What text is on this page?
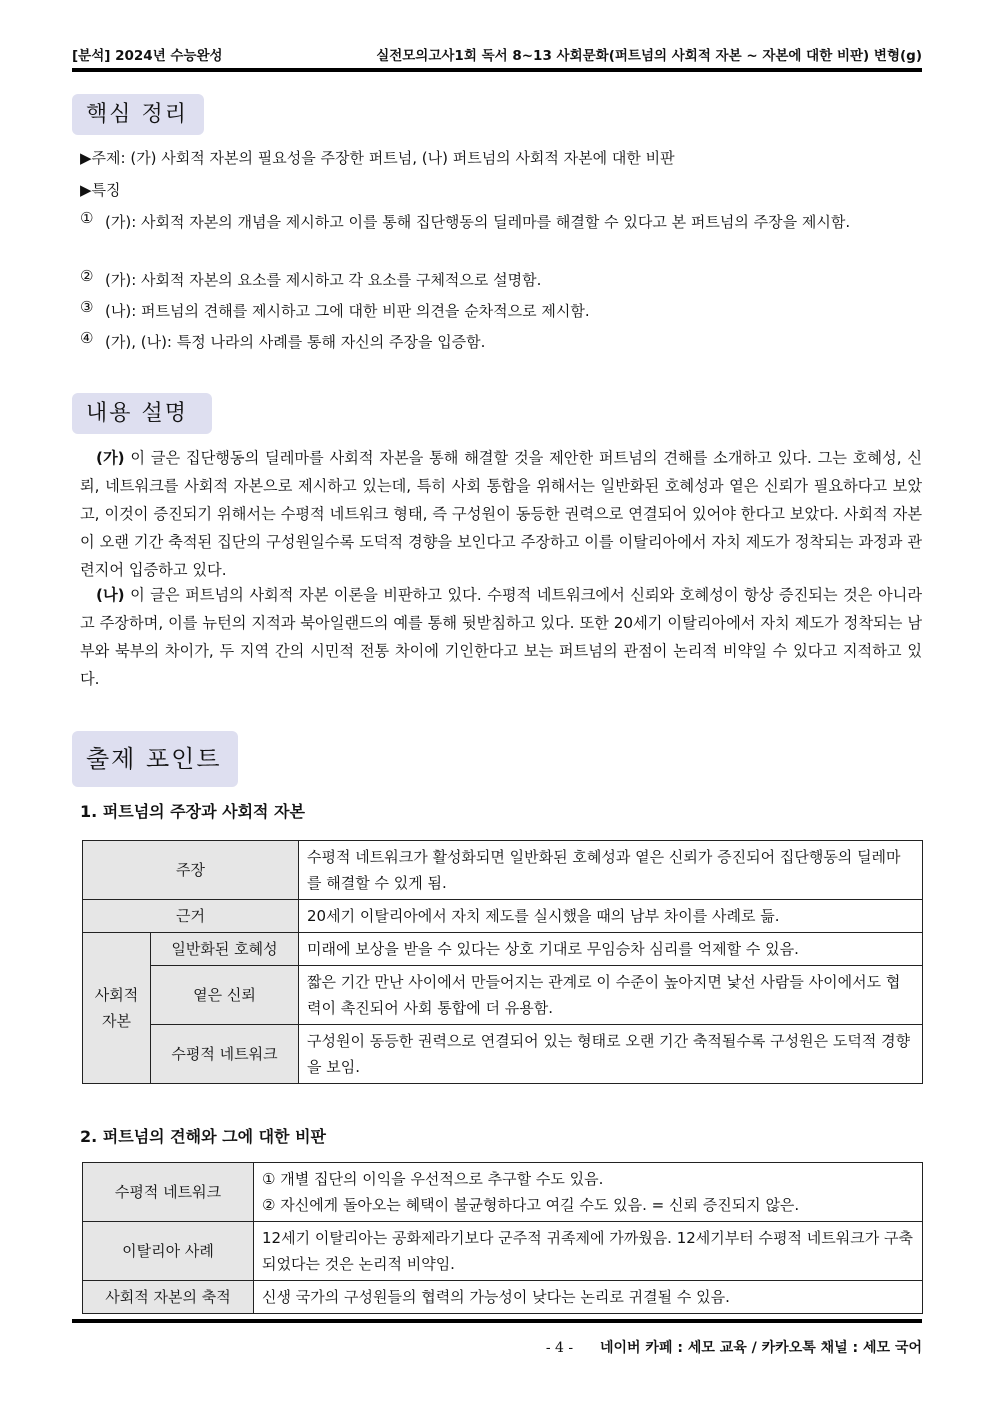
[분석] 2024년 수능완성	실전모의고사1회 독서 8~13 사회문화(퍼트넘의 사회적 자본 ~ 자본에 대한 비판) 변형(g)
핵심 정리
▶주제: (가) 사회적 자본의 필요성을 주장한 퍼트넘, (나) 퍼트넘의 사회적 자본에 대한 비판
▶특징
① (가): 사회적 자본의 개념을 제시하고 이를 통해 집단행동의 딜레마를 해결할 수 있다고 본 퍼트넘의 주장을 제시함.
② (가): 사회적 자본의 요소를 제시하고 각 요소를 구체적으로 설명함.
③ (나): 퍼트넘의 견해를 제시하고 그에 대한 비판 의견을 순차적으로 제시함.
④ (가), (나): 특정 나라의 사례를 통해 자신의 주장을 입증함.
내용 설명
(가) 이 글은 집단행동의 딜레마를 사회적 자본을 통해 해결할 것을 제안한 퍼트넘의 견해를 소개하고 있다. 그는 호혜성, 신뢰, 네트워크를 사회적 자본으로 제시하고 있는데, 특히 사회 통합을 위해서는 일반화된 호혜성과 옅은 신뢰가 필요하다고 보았고, 이것이 증진되기 위해서는 수평적 네트워크 형태, 즉 구성원이 동등한 권력으로 연결되어 있어야 한다고 보았다. 사회적 자본이 오랜 기간 축적된 집단의 구성원일수록 도덕적 경향을 보인다고 주장하고 이를 이탈리아에서 자치 제도가 정착되는 과정과 관련지어 입증하고 있다.
(나) 이 글은 퍼트넘의 사회적 자본 이론을 비판하고 있다. 수평적 네트워크에서 신뢰와 호혜성이 항상 증진되는 것은 아니라고 주장하며, 이를 뉴턴의 지적과 북아일랜드의 예를 통해 뒷받침하고 있다. 또한 20세기 이탈리아에서 자치 제도가 정착되는 남부와 북부의 차이가, 두 지역 간의 시민적 전통 차이에 기인한다고 보는 퍼트넘의 관점이 논리적 비약일 수 있다고 지적하고 있다.
출제 포인트
1. 퍼트넘의 주장과 사회적 자본
주장		수평적 네트워크가 활성화되면 일반화된 호혜성과 옅은 신뢰가 증진되어 집단행동의 딜레마를 해결할 수 있게 됨.
근거		20세기 이탈리아에서 자치 제도를 실시했을 때의 남부 차이를 사례로 듦.
사회적 자본	일반화된 호혜성	미래에 보상을 받을 수 있다는 상호 기대로 무임승차 심리를 억제할 수 있음.
	옅은 신뢰	짧은 기간 만난 사이에서 만들어지는 관계로 이 수준이 높아지면 낯선 사람들 사이에서도 협력이 촉진되어 사회 통합에 더 유용함.
	수평적 네트워크	구성원이 동등한 권력으로 연결되어 있는 형태로 오랜 기간 축적될수록 구성원은 도덕적 경향을 보임.
2. 퍼트넘의 견해와 그에 대한 비판
수평적 네트워크	① 개별 집단의 이익을 우선적으로 추구할 수도 있음.
② 자신에게 돌아오는 혜택이 불균형하다고 여길 수도 있음. = 신뢰 증진되지 않은.

이탈리아 사례	12세기 이탈리아는 공화제라기보다 군주적 귀족제에 가까웠음. 12세기부터 수평적 네트워크가 구축되었다는 것은 논리적 비약임.
사회적 자본의 축적	신생 국가의 구성원들의 협력의 가능성이 낮다는 논리로 귀결될 수 있음.
- 4 - 네이버 카페 : 세모 교육 / 카카오톡 채널 : 세모 국어
